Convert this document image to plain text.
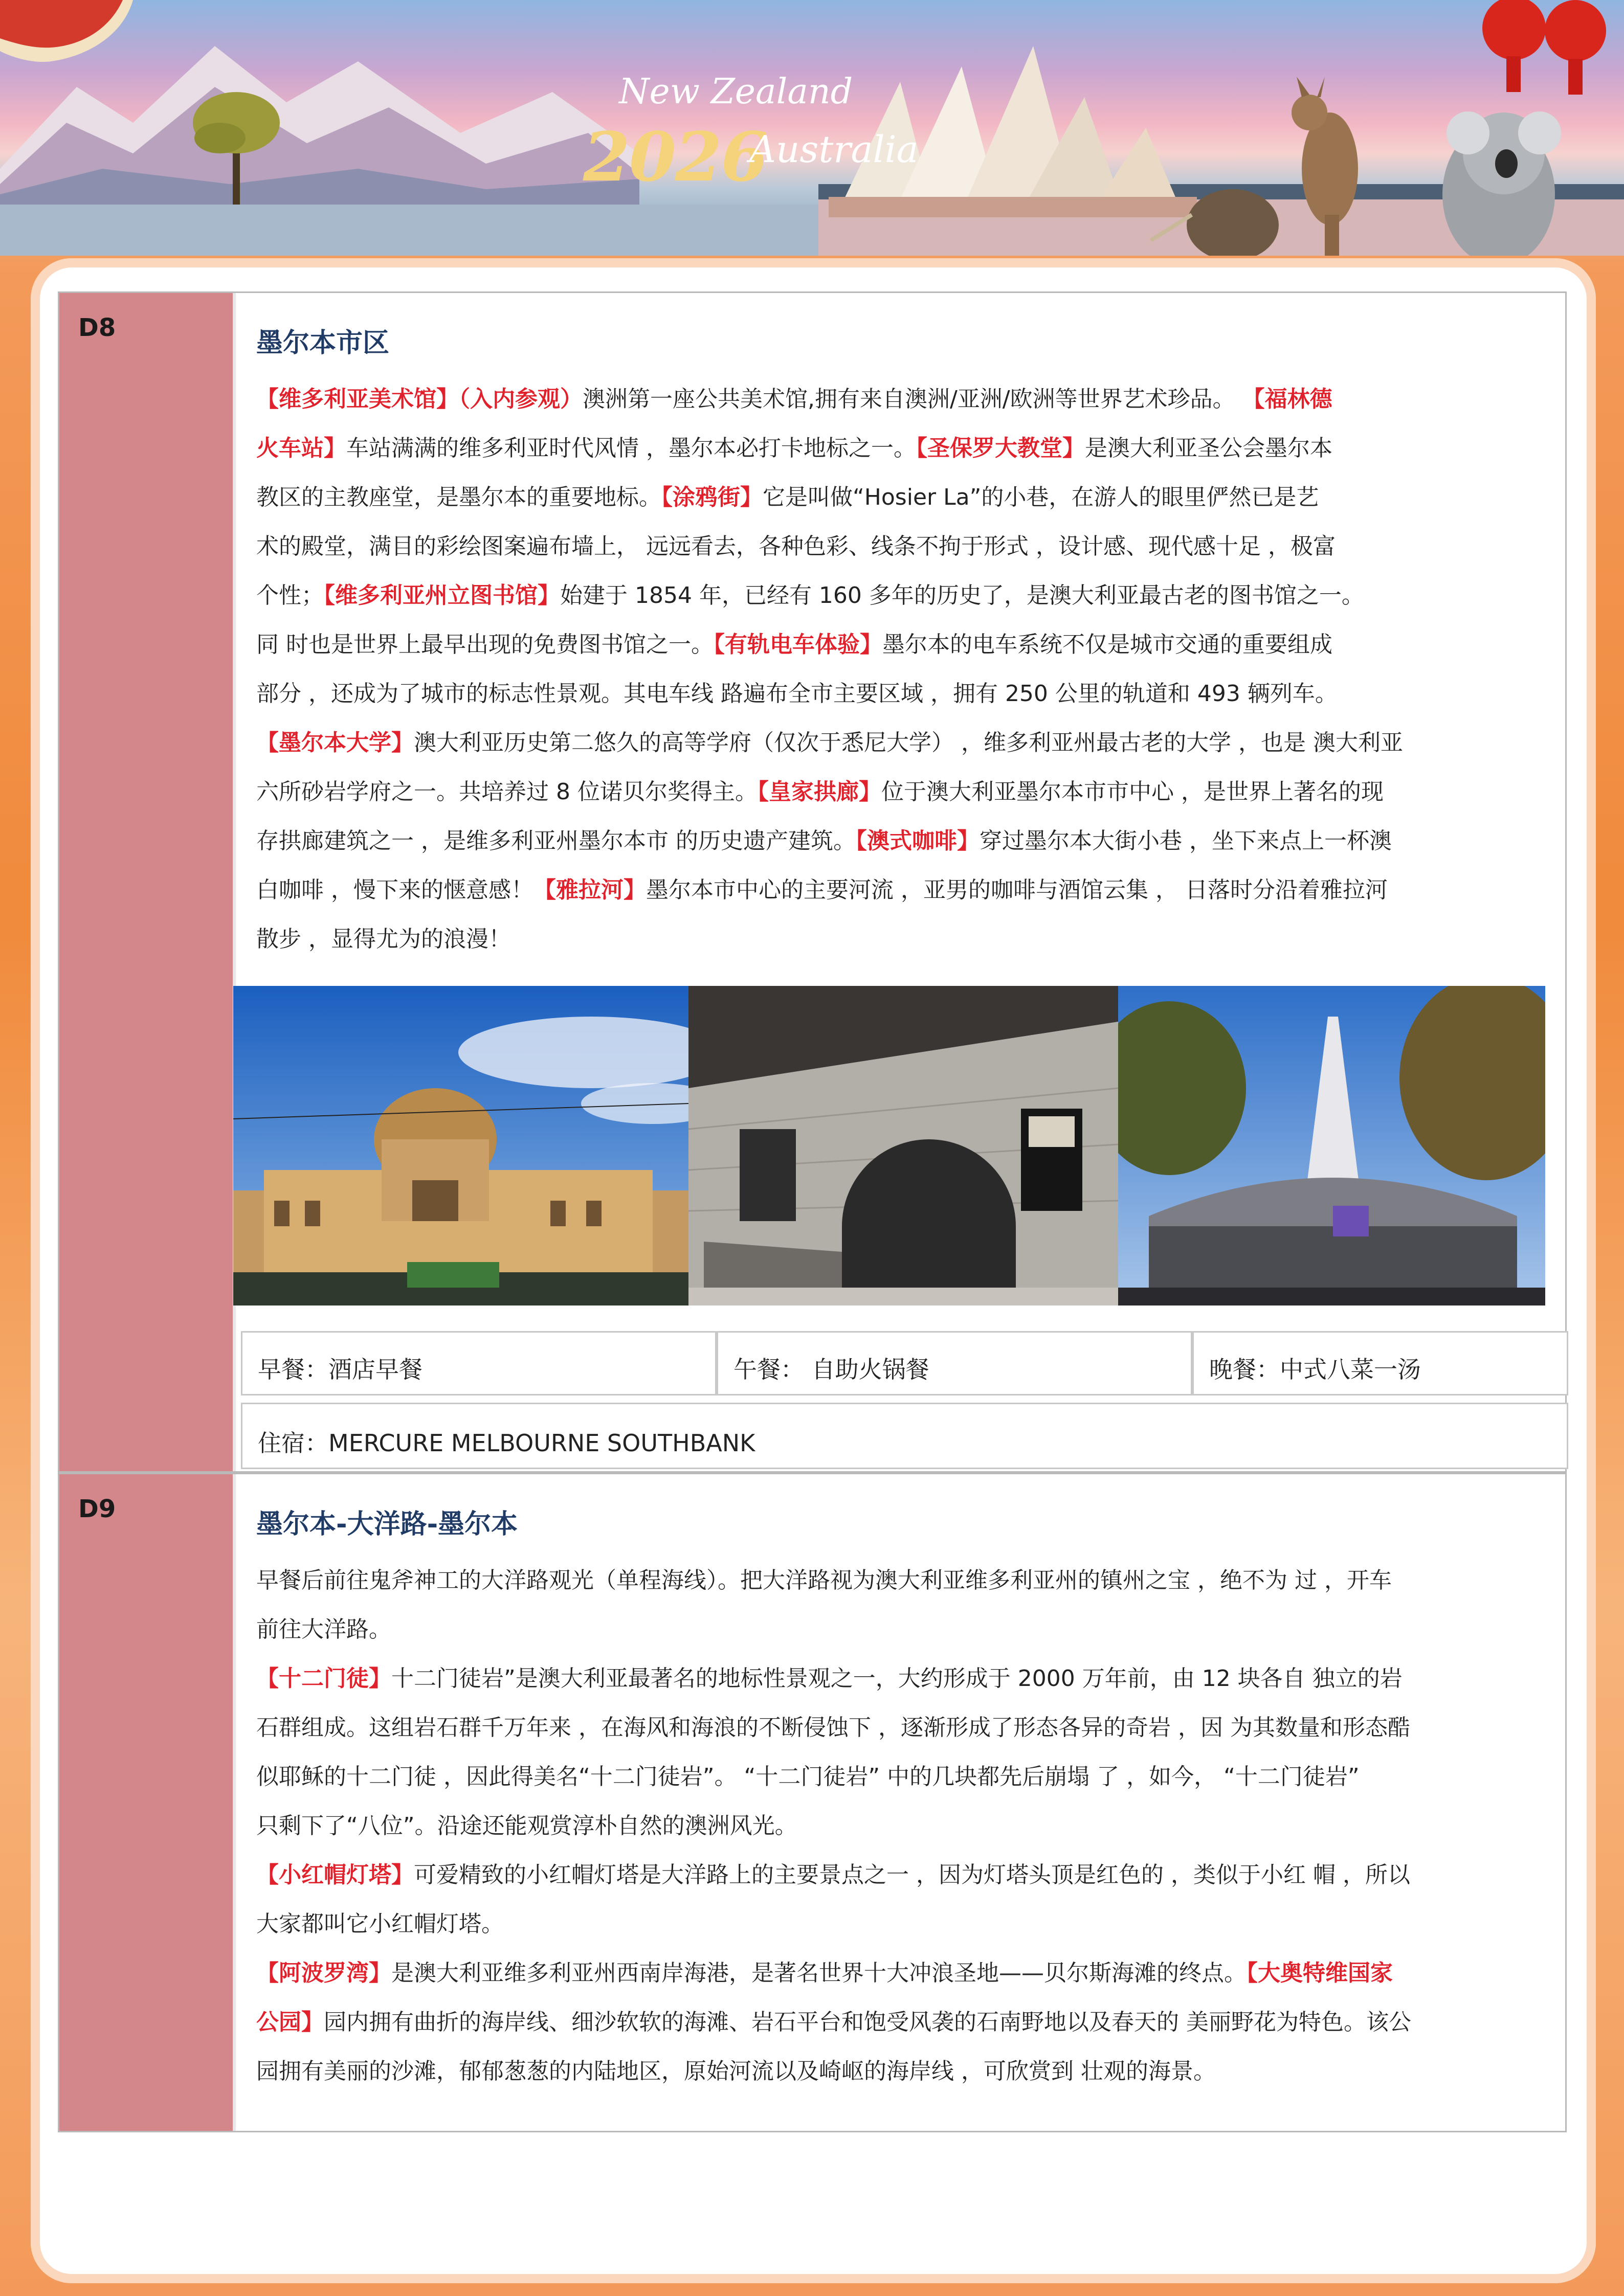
New Zealand
2026
Australia
D8	墨尔本市区
【维多利亚美术馆】（入内参观）澳洲第一座公共美术馆,拥有来自澳洲/亚洲/欧洲等世界艺术珍品。 【福林德
火车站】车站满满的维多利亚时代风情 ，墨尔本必打卡地标之一。【圣保罗大教堂】是澳大利亚圣公会墨尔本
教区的主教座堂，是墨尔本的重要地标。【涂鸦街】它是叫做“Hosier La”的小巷，在游人的眼里俨然已是艺
术的殿堂，满目的彩绘图案遍布墙上， 远远看去，各种色彩、线条不拘于形式 ，设计感、现代感十足 ，极富
个性；【维多利亚州立图书馆】始建于 1854 年，已经有 160 多年的历史了，是澳大利亚最古老的图书馆之一。
同 时也是世界上最早出现的免费图书馆之一。【有轨电车体验】墨尔本的电车系统不仅是城市交通的重要组成
部分 ，还成为了城市的标志性景观。其电车线 路遍布全市主要区域 ，拥有 250 公里的轨道和 493 辆列车。
【墨尔本大学】澳大利亚历史第二悠久的高等学府（仅次于悉尼大学） ，维多利亚州最古老的大学 ，也是 澳大利亚
六所砂岩学府之一。共培养过 8 位诺贝尔奖得主。【皇家拱廊】位于澳大利亚墨尔本市市中心 ，是世界上著名的现
存拱廊建筑之一 ，是维多利亚州墨尔本市 的历史遗产建筑。【澳式咖啡】穿过墨尔本大街小巷 ，坐下来点上一杯澳
白咖啡 ，慢下来的惬意感！【雅拉河】墨尔本市中心的主要河流 ，亚男的咖啡与酒馆云集 ， 日落时分沿着雅拉河
散步 ，显得尤为的浪漫！
早餐：酒店早餐	午餐： 自助火锅餐	晚餐：中式八菜一汤
住宿：MERCURE MELBOURNE SOUTHBANK
D9	墨尔本-大洋路-墨尔本
早餐后前往鬼斧神工的大洋路观光（单程海线）。把大洋路视为澳大利亚维多利亚州的镇州之宝 ，绝不为 过 ，开车
前往大洋路。
【十二门徒】十二门徒岩”是澳大利亚最著名的地标性景观之一，大约形成于 2000 万年前，由 12 块各自 独立的岩
石群组成。这组岩石群千万年来 ，在海风和海浪的不断侵蚀下 ，逐渐形成了形态各异的奇岩 ，因 为其数量和形态酷
似耶稣的十二门徒 ，因此得美名“十二门徒岩”。 “十二门徒岩” 中的几块都先后崩塌 了 ，如今， “十二门徒岩”
只剩下了“八位”。沿途还能观赏淳朴自然的澳洲风光。
【小红帽灯塔】可爱精致的小红帽灯塔是大洋路上的主要景点之一 ，因为灯塔头顶是红色的 ，类似于小红 帽 ，所以
大家都叫它小红帽灯塔。
【阿波罗湾】是澳大利亚维多利亚州西南岸海港，是著名世界十大冲浪圣地——贝尔斯海滩的终点。【大奥特维国家
公园】园内拥有曲折的海岸线、细沙软软的海滩、岩石平台和饱受风袭的石南野地以及春天的 美丽野花为特色。该公
园拥有美丽的沙滩，郁郁葱葱的内陆地区，原始河流以及崎岖的海岸线 ，可欣赏到 壮观的海景。
